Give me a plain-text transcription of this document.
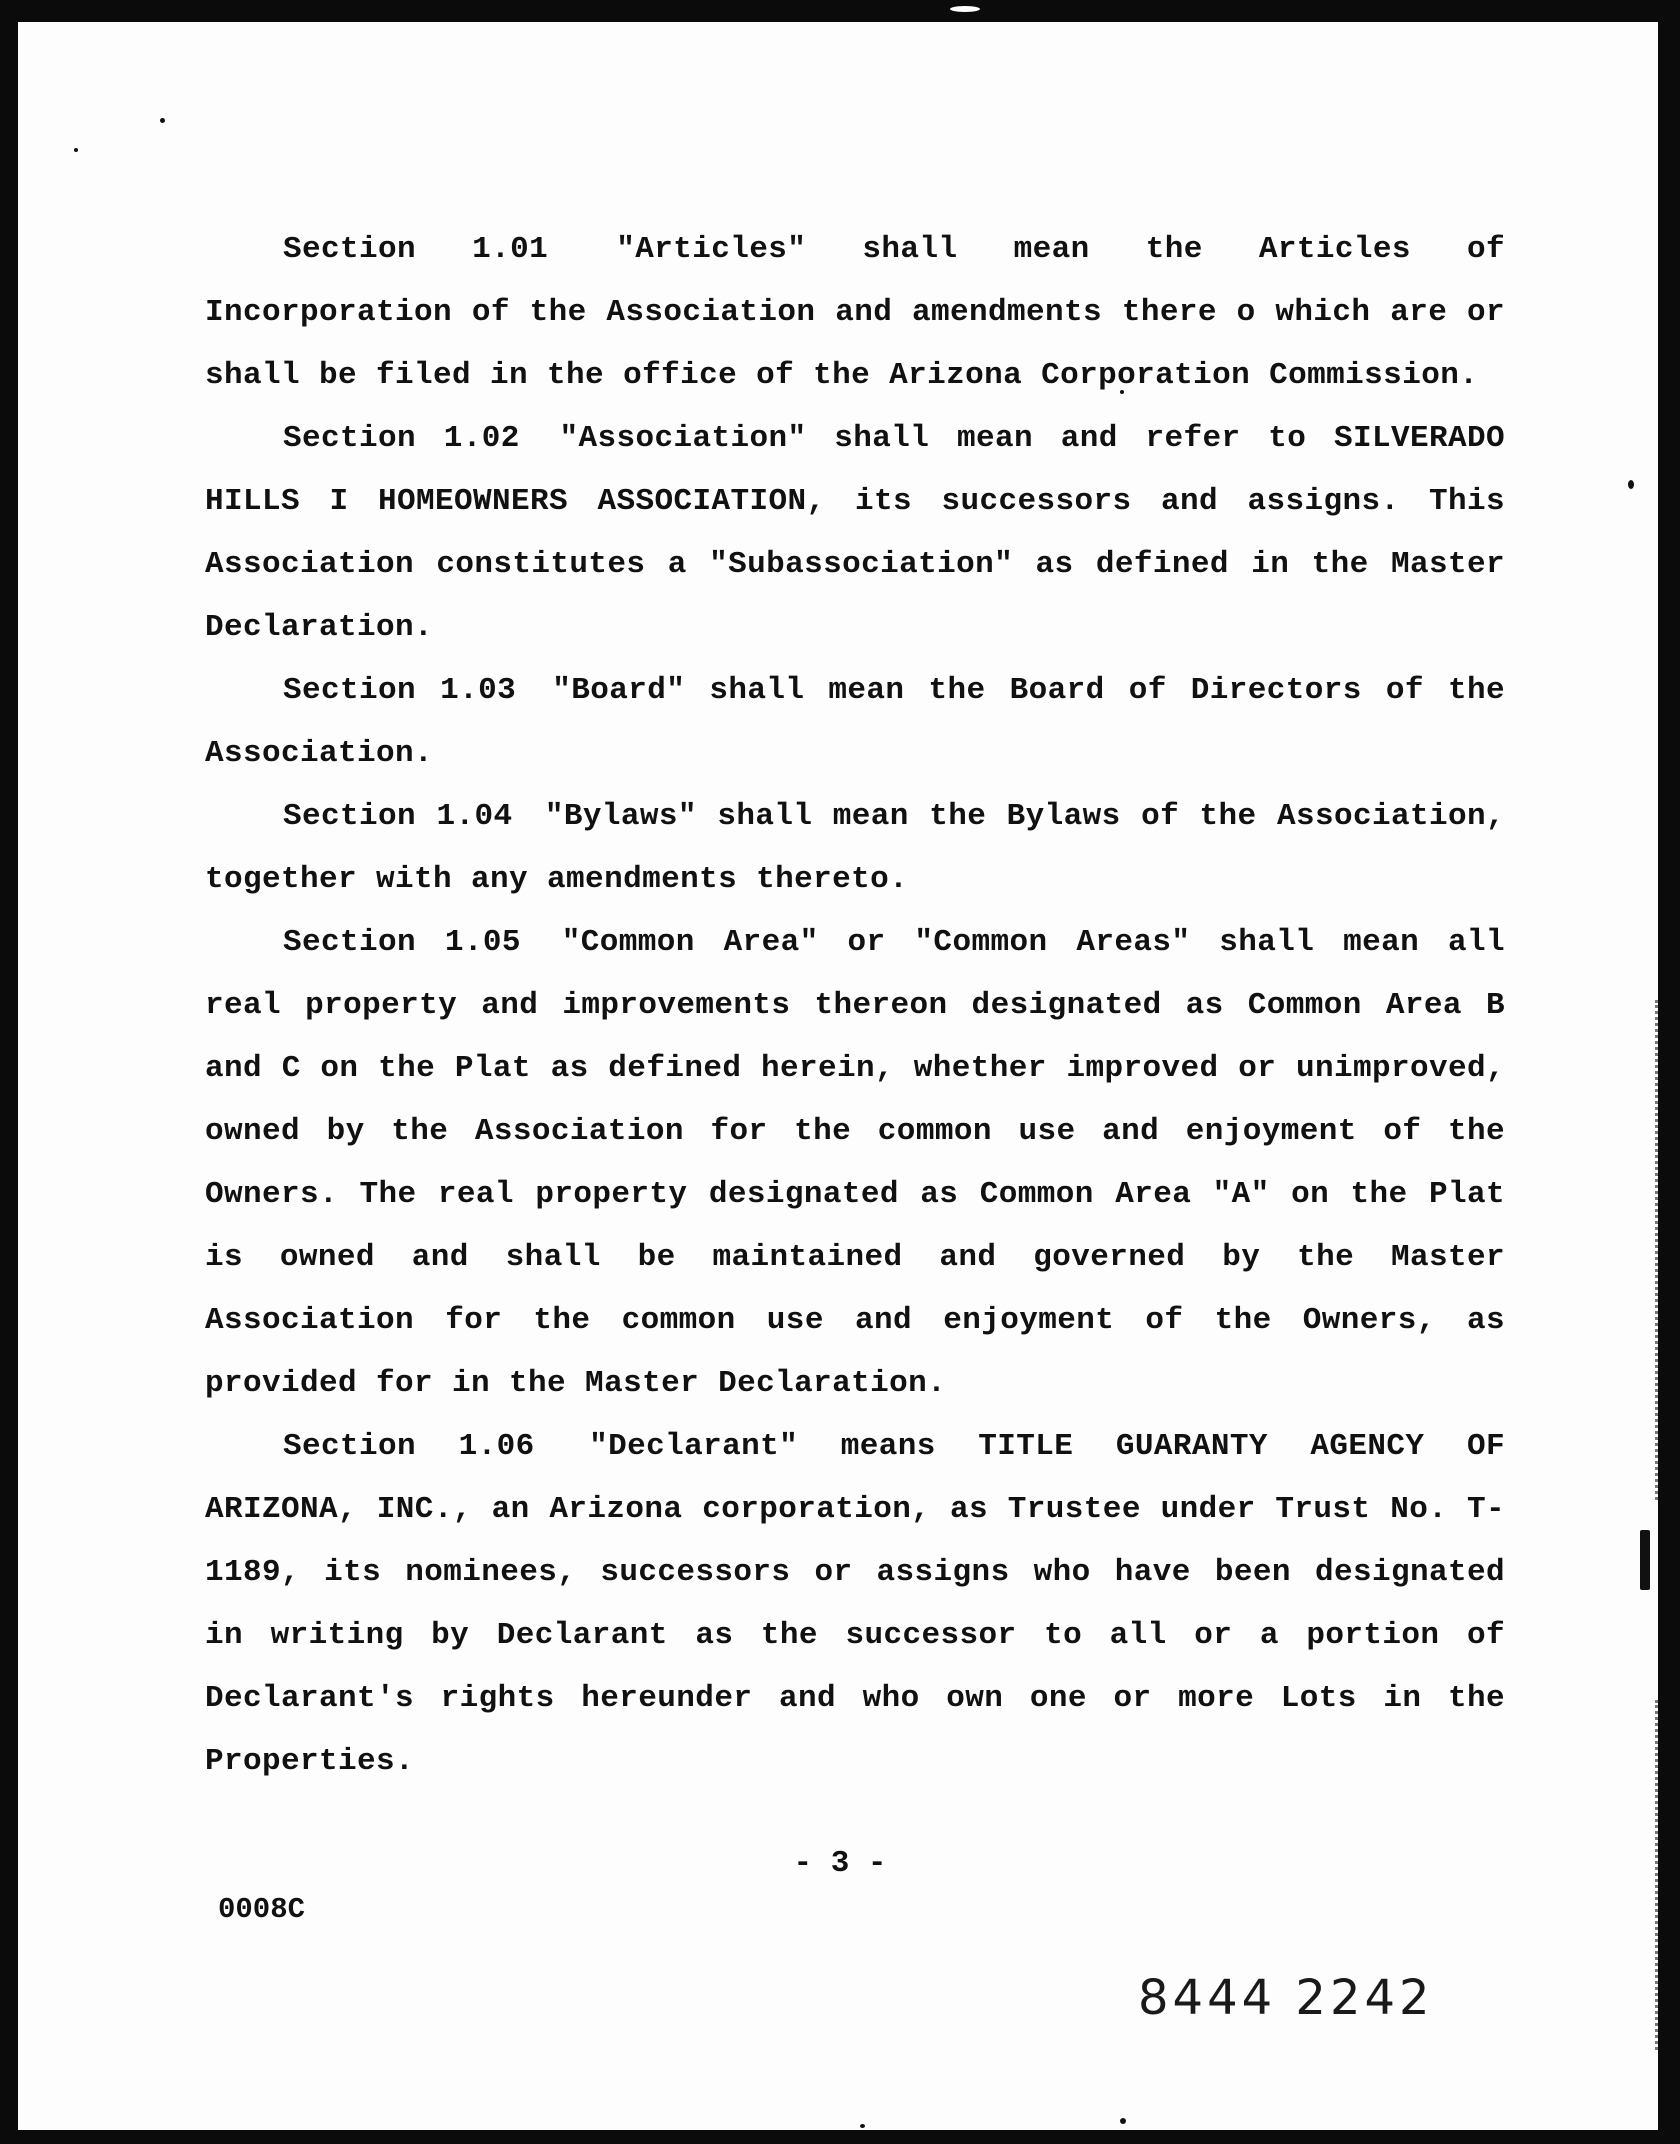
Section 1.01 "Articles" shall mean the Articles of Incorporation of the Association and amendments there o which are or shall be filed in the office of the Arizona Corporation Commission.

Section 1.02 "Association" shall mean and refer to SILVERADO HILLS I HOMEOWNERS ASSOCIATION, its successors and assigns. This Association constitutes a "Subassociation" as defined in the Master Declaration.

Section 1.03 "Board" shall mean the Board of Directors of the Association.

Section 1.04 "Bylaws" shall mean the Bylaws of the Association, together with any amendments thereto.

Section 1.05 "Common Area" or "Common Areas" shall mean all real property and improvements thereon designated as Common Area B and C on the Plat as defined herein, whether improved or unimproved, owned by the Association for the common use and enjoyment of the Owners. The real property designated as Common Area "A" on the Plat is owned and shall be maintained and governed by the Master Association for the common use and enjoyment of the Owners, as provided for in the Master Declaration.

Section 1.06 "Declarant" means TITLE GUARANTY AGENCY OF ARIZONA, INC., an Arizona corporation, as Trustee under Trust No. T-1189, its nominees, successors or assigns who have been designated in writing by Declarant as the successor to all or a portion of Declarant's rights hereunder and who own one or more Lots in the Properties.

- 3 -
0008C
8444 2242
